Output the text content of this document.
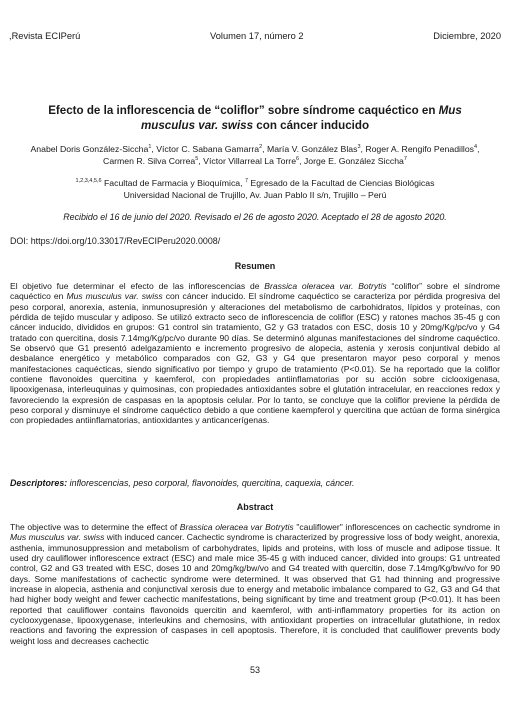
,Revista ECIPerú	Volumen 17, número 2	Diciembre, 2020
Efecto de la inflorescencia de “coliflor” sobre síndrome caquéctico en Mus musculus var. swiss con cáncer inducido
Anabel Doris González-Siccha$^1$, Víctor C. Sabana Gamarra$^2$, María V. González Blas$^3$, Roger A. Rengifo Penadillos$^4$, Carmen R. Silva Correa$^5$, Víctor Villarreal La Torre$^6$, Jorge E. González Siccha$^7$
$^{1,2,3,4,5,6}$ Facultad de Farmacia y Bioquímica, $^7$ Egresado de la Facultad de Ciencias Biológicas
Universidad Nacional de Trujillo, Av. Juan Pablo II s/n, Trujillo – Perú
Recibido el 16 de junio del 2020. Revisado el 26 de agosto 2020. Aceptado el 28 de agosto 2020.
DOI: https://doi.org/10.33017/RevECIPeru2020.0008/
Resumen

El objetivo fue determinar el efecto de las inflorescencias de Brassica oleracea var. Botrytis “coliflor” sobre el síndrome caquéctico en Mus musculus var. swiss con cáncer inducido. El síndrome caquéctico se caracteriza por pérdida progresiva del peso corporal, anorexia, astenia, inmunosupresión y alteraciones del metabolismo de carbohidratos, lípidos y proteínas, con pérdida de tejido muscular y adiposo. Se utilizó extracto seco de inflorescencia de coliflor (ESC) y ratones machos 35-45 g con cáncer inducido, divididos en grupos: G1 control sin tratamiento, G2 y G3 tratados con ESC, dosis 10 y 20mg/Kg/pc/vo y G4 tratado con quercitina, dosis 7.14mg/Kg/pc/vo durante 90 días. Se determinó algunas manifestaciones del síndrome caquéctico. Se observó que G1 presentó adelgazamiento e incremento progresivo de alopecia, astenia y xerosis conjuntival debido al desbalance energético y metabólico comparados con G2, G3 y G4 que presentaron mayor peso corporal y menos manifestaciones caquécticas, siendo significativo por tiempo y grupo de tratamiento (P<0.01). Se ha reportado que la coliflor contiene flavonoides quercitina y kaemferol, con propiedades antiinflamatorias por su acción sobre ciclooxigenasa, lipooxigenasa, interleuquinas y quimosinas, con propiedades antioxidantes sobre el glutatión intracelular, en reacciones redox y favoreciendo la expresión de caspasas en la apoptosis celular. Por lo tanto, se concluye que la coliflor previene la pérdida de peso corporal y disminuye el síndrome caquéctico debido a que contiene kaempferol y quercitina que actúan de forma sinérgica con propiedades antiinflamatorias, antioxidantes y anticancerígenas.

Descriptores: inflorescencias, peso corporal, flavonoides, quercitina, caquexia, cáncer.
Abstract

The objective was to determine the effect of Brassica oleracea var Botrytis "cauliflower" inflorescences on cachectic syndrome in Mus musculus var. swiss with induced cancer. Cachectic syndrome is characterized by progressive loss of body weight, anorexia, asthenia, immunosuppression and metabolism of carbohydrates, lipids and proteins, with loss of muscle and adipose tissue. It used dry cauliflower inflorescence extract (ESC) and male mice 35-45 g with induced cancer, divided into groups: G1 untreated control, G2 and G3 treated with ESC, doses 10 and 20mg/kg/bw/vo and G4 treated with quercitin, dose 7.14mg/Kg/bw/vo for 90 days. Some manifestations of cachectic syndrome were determined. It was observed that G1 had thinning and progressive increase in alopecia, asthenia and conjunctival xerosis due to energy and metabolic imbalance compared to G2, G3 and G4 that had higher body weight and fewer cachectic manifestations, being significant by time and treatment group (P<0.01). It has been reported that cauliflower contains flavonoids quercitin and kaemferol, with anti-inflammatory properties for its action on cyclooxygenase, lipooxygenase, interleukins and chemosins, with antioxidant properties on intracellular glutathione, in redox reactions and favoring the expression of caspases in cell apoptosis. Therefore, it is concluded that cauliflower prevents body weight loss and decreases cachectic

53
